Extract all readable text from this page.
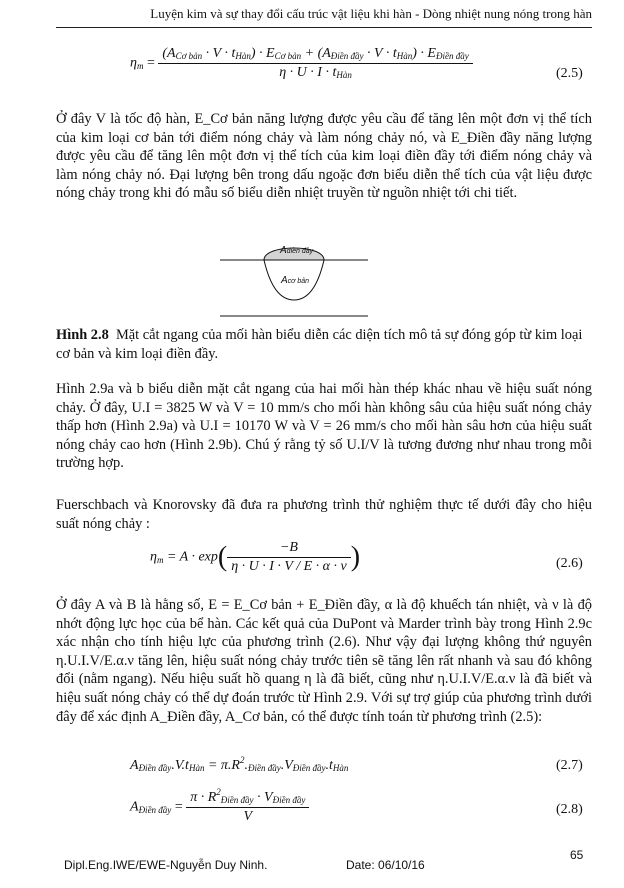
Luyện kim và sự thay đổi cấu trúc vật liệu khi hàn - Dòng nhiệt nung nóng trong hàn
ηm =
(ACơ bản · V · tHàn) · ECơ bản + (AĐiền đầy · V · tHàn) · EĐiền đầy
η · U · I · tHàn	(2.5)
Ở đây V là tốc độ hàn, E_Cơ bản năng lượng được yêu cầu để tăng lên một đơn vị thể tích của kim loại cơ bản tới điểm nóng chảy và làm nóng chảy nó, và E_Điền đầy năng lượng được yêu cầu để tăng lên một đơn vị thể tích của kim loại điền đầy tới điểm nóng chảy và làm nóng chảy nó. Đại lượng bên trong dấu ngoặc đơn biểu diễn thể tích của vật liệu được nóng chảy trong khi đó mẫu số biểu diễn nhiệt truyền từ nguồn nhiệt tới chi tiết.
Ađiền đầy
Acơ bản
Hình 2.8 Mặt cắt ngang của mối hàn biểu diễn các diện tích mô tả sự đóng góp từ kim loại cơ bản và kim loại điền đầy.
Hình 2.9a và b biểu diễn mặt cắt ngang của hai mối hàn thép khác nhau về hiệu suất nóng chảy. Ở đây, U.I = 3825 W và V = 10 mm/s cho mối hàn không sâu của hiệu suất nóng chảy thấp hơn (Hình 2.9a) và U.I = 10170 W và V = 26 mm/s cho mối hàn sâu hơn của hiệu suất nóng chảy cao hơn (Hình 2.9b). Chú ý rằng tỷ số U.I/V là tương đương như nhau trong mỗi trường hợp.
Fuerschbach và Knorovsky đã đưa ra phương trình thử nghiệm thực tế dưới đây cho hiệu suất nóng chảy :
$\eta m = A \cdot \exp( \frac{-B}{\eta \cdot U \cdot I \cdot V / E \cdot \alpha \cdot \nu}$ )	(2.6)
Ở đây A và B là hằng số, E = E_Cơ bản + E_Điền đầy, α là độ khuếch tán nhiệt, và ν là độ nhớt động lực học của bể hàn. Các kết quả của DuPont và Marder trình bày trong Hình 2.9c xác nhận cho tính hiệu lực của phương trình (2.6). Như vậy đại lượng không thứ nguyên η.U.I.V/E.α.ν tăng lên, hiệu suất nóng chảy trước tiên sẽ tăng lên rất nhanh và sau đó không đổi (nằm ngang). Nếu hiệu suất hồ quang η là đã biết, cũng như η.U.I.V/E.α.ν là đã biết và hiệu suất nóng chảy có thể dự đoán trước từ Hình 2.9. Với sự trợ giúp của phương trình dưới đây để xác định A_Điền đầy, A_Cơ bản, có thể được tính toán từ phương trình (2.5):
AĐiền đầy.V.tHàn = $\pi.R^2.Điền$ đầy.VĐiền đầy.tHàn	(2.7)
AĐiền đầy = $\frac{\pi \cdot R^2Điền đầy \cdot VĐiền đầy}{V}$	(2.8)
Dipl.Eng.IWE/EWE-Nguyễn Duy Ninh.	Date: 06/10/16
65
